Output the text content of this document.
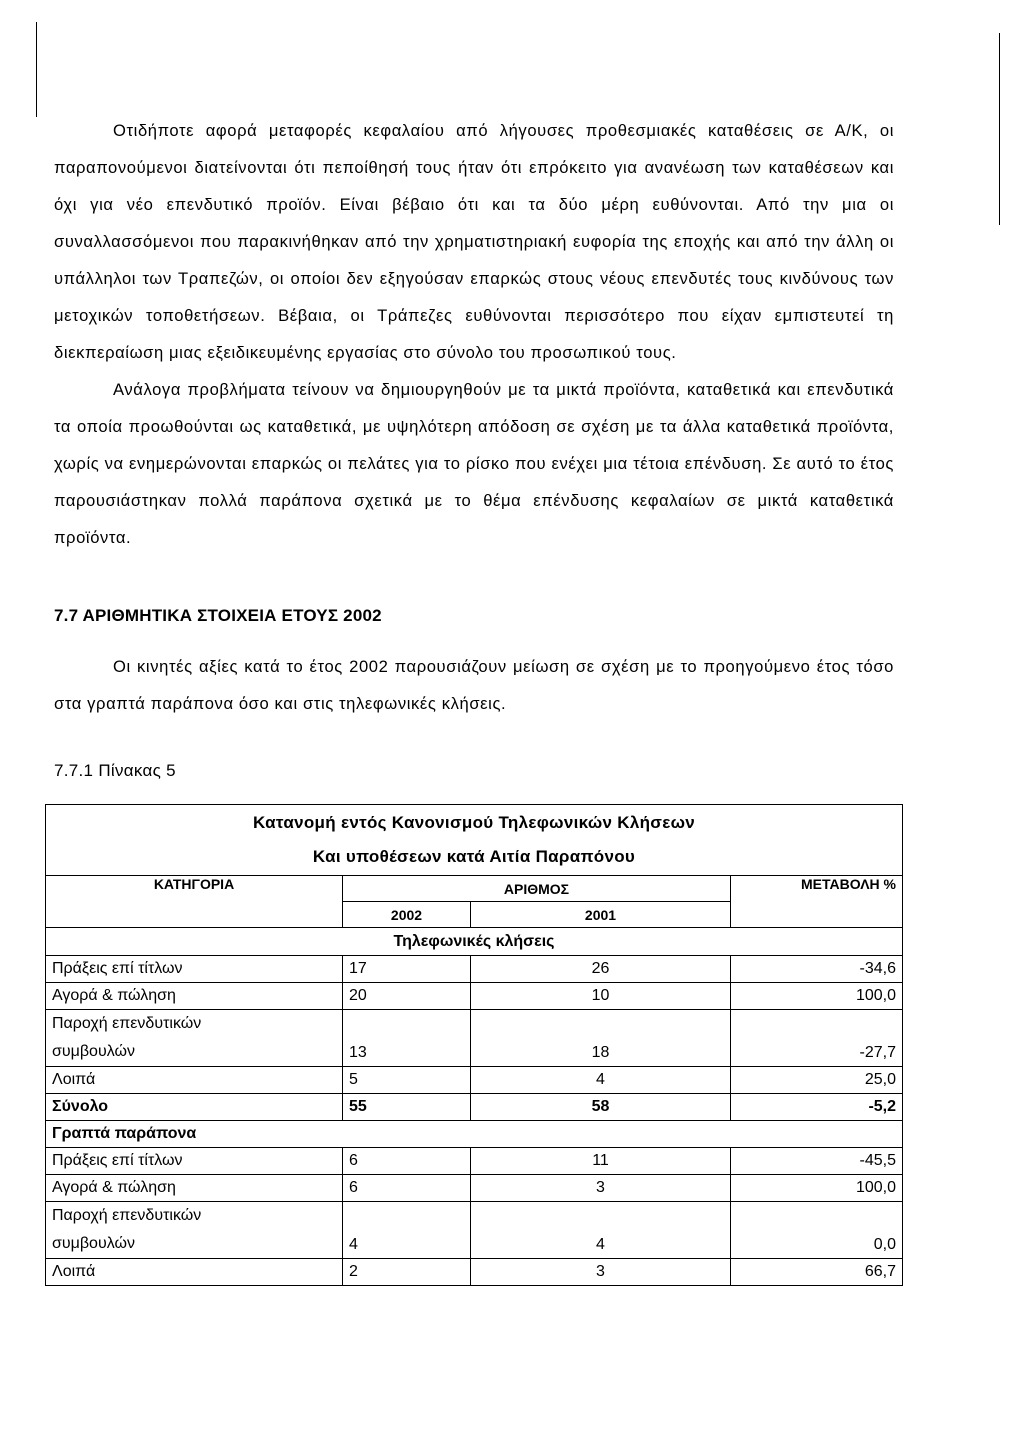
Οτιδήποτε αφορά μεταφορές κεφαλαίου από λήγουσες προθεσμιακές καταθέσεις σε Α/Κ, οι παραπονούμενοι διατείνονται ότι πεποίθησή τους ήταν ότι επρόκειτο για ανανέωση των καταθέσεων και όχι για νέο επενδυτικό προϊόν. Είναι βέβαιο ότι και τα δύο μέρη ευθύνονται. Από την μια οι συναλλασσόμενοι που παρακινήθηκαν από την χρηματιστηριακή ευφορία της εποχής και από την άλλη οι υπάλληλοι των Τραπεζών, οι οποίοι δεν εξηγούσαν επαρκώς στους νέους επενδυτές τους κινδύνους των μετοχικών τοποθετήσεων. Βέβαια, οι Τράπεζες ευθύνονται περισσότερο που είχαν εμπιστευτεί τη διεκπεραίωση μιας εξειδικευμένης εργασίας στο σύνολο του προσωπικού τους.

Ανάλογα προβλήματα τείνουν να δημιουργηθούν με τα μικτά προϊόντα, καταθετικά και επενδυτικά τα οποία προωθούνται ως καταθετικά, με υψηλότερη απόδοση σε σχέση με τα άλλα καταθετικά προϊόντα, χωρίς να ενημερώνονται επαρκώς οι πελάτες για το ρίσκο που ενέχει μια τέτοια επένδυση. Σε αυτό το έτος παρουσιάστηκαν πολλά παράπονα σχετικά με το θέμα επένδυσης κεφαλαίων σε μικτά καταθετικά προϊόντα.

7.7 ΑΡΙΘΜΗΤΙΚΑ ΣΤΟΙΧΕΙΑ ΕΤΟΥΣ 2002

Οι κινητές αξίες κατά το έτος 2002 παρουσιάζουν μείωση σε σχέση με το προηγούμενο έτος τόσο στα γραπτά παράπονα όσο και στις τηλεφωνικές κλήσεις.

7.7.1 Πίνακας 5
Κατανομή εντός Κανονισμού Τηλεφωνικών Κλήσεων
Και υποθέσεων κατά Αιτία Παραπόνου			

ΚΑΤΗΓΟΡΙΑ	ΑΡΙΘΜΟΣ		ΜΕΤΑΒΟΛΗ %
	2002	2001	
Τηλεφωνικές κλήσεις			
Πράξεις επί τίτλων	17	26	-34,6
Αγορά & πώληση	20	10	100,0

Παροχή επενδυτικών
συμβουλών	13	18	-27,7
Λοιπά	5	4	25,0
Σύνολο	55	58	-5,2
Γραπτά παράπονα			
Πράξεις επί τίτλων	6	11	-45,5
Αγορά & πώληση	6	3	100,0

Παροχή επενδυτικών
συμβουλών	4	4	0,0
Λοιπά	2	3	66,7
